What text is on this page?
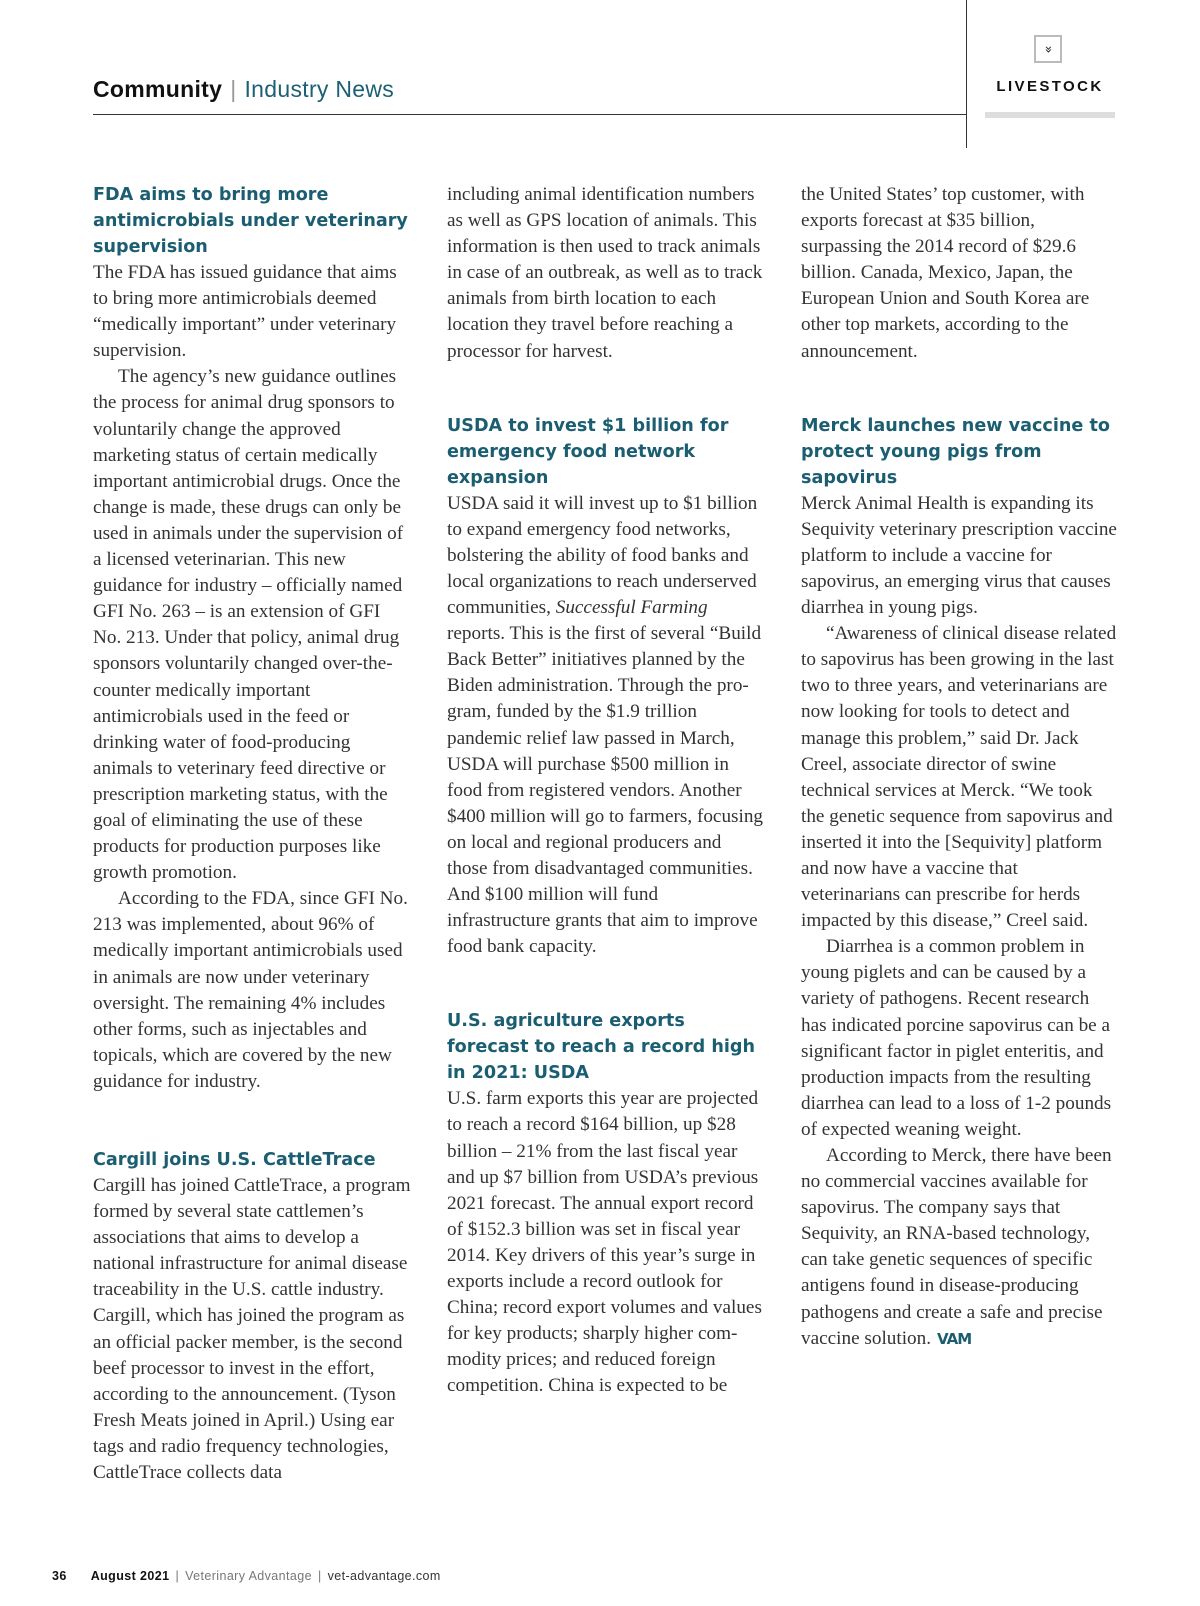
Community | Industry News
»
LIVESTOCK
FDA aims to bring more antimicrobials under veterinary supervision

The FDA has issued guidance that aims to bring more antimicrobials deemed “medically important” under veterinary supervision.

The agency’s new guidance outlines the process for animal drug sponsors to voluntarily change the approved marketing status of certain medically important antimicrobial drugs. Once the change is made, these drugs can only be used in animals under the supervision of a licensed veterinarian. This new guidance for industry – officially named GFI No. 263 – is an extension of GFI No. 213. Under that policy, animal drug sponsors voluntarily changed over-the-counter medically important antimicrobials used in the feed or drinking water of food-producing animals to veterinary feed directive or prescription marketing status, with the goal of eliminating the use of these products for production purposes like growth promotion.

According to the FDA, since GFI No. 213 was implemented, about 96% of medically important antimicrobials used in animals are now under veterinary oversight. The remaining 4% includes other forms, such as injectables and topicals, which are covered by the new guidance for industry.

Cargill joins U.S. CattleTrace

Cargill has joined CattleTrace, a program formed by several state cattlemen’s associations that aims to develop a national infrastructure for animal disease traceability in the U.S. cattle industry. Cargill, which has joined the program as an official packer member, is the second beef processor to invest in the effort, according to the announcement. (Tyson Fresh Meats joined in April.) Using ear tags and radio frequency technologies, CattleTrace collects data

including animal identification numbers as well as GPS location of animals. This information is then used to track animals in case of an outbreak, as well as to track animals from birth location to each location they travel before reaching a processor for harvest.

USDA to invest $1 billion for emergency food network expansion

USDA said it will invest up to $1 billion to expand emergency food networks, bolstering the ability of food banks and local organizations to reach underserved communities, Successful Farming reports. This is the first of several “Build Back Better” initiatives planned by the Biden administration. Through the program, funded by the $1.9 trillion pandemic relief law passed in March, USDA will purchase $500 million in food from registered vendors. Another $400 million will go to farmers, focusing on local and regional producers and those from disadvantaged communities. And $100 million will fund infrastructure grants that aim to improve food bank capacity.

U.S. agriculture exports forecast to reach a record high in 2021: USDA

U.S. farm exports this year are projected to reach a record $164 billion, up $28 billion – 21% from the last fiscal year and up $7 billion from USDA’s previous 2021 forecast. The annual export record of $152.3 billion was set in fiscal year 2014. Key drivers of this year’s surge in exports include a record outlook for China; record export volumes and values for key products; sharply higher commodity prices; and reduced foreign competition. China is expected to be

the United States’ top customer, with exports forecast at $35 billion, surpassing the 2014 record of $29.6 billion. Canada, Mexico, Japan, the European Union and South Korea are other top markets, according to the announcement.

Merck launches new vaccine to protect young pigs from sapovirus

Merck Animal Health is expanding its Sequivity veterinary prescription vaccine platform to include a vaccine for sapovirus, an emerging virus that causes diarrhea in young pigs.

“Awareness of clinical disease related to sapovirus has been growing in the last two to three years, and veterinarians are now looking for tools to detect and manage this problem,” said Dr. Jack Creel, associate director of swine technical services at Merck. “We took the genetic sequence from sapovirus and inserted it into the [Sequivity] platform and now have a vaccine that veterinarians can prescribe for herds impacted by this disease,” Creel said.

Diarrhea is a common problem in young piglets and can be caused by a variety of pathogens. Recent research has indicated porcine sapovirus can be a significant factor in piglet enteritis, and production impacts from the resulting diarrhea can lead to a loss of 1-2 pounds of expected weaning weight.

According to Merck, there have been no commercial vaccines available for sapovirus. The company says that Sequivity, an RNA-based technology, can take genetic sequences of specific antigens found in disease-producing pathogens and create a safe and precise vaccine solution. VAM

36 August 2021 | Veterinary Advantage | vet-advantage.com
